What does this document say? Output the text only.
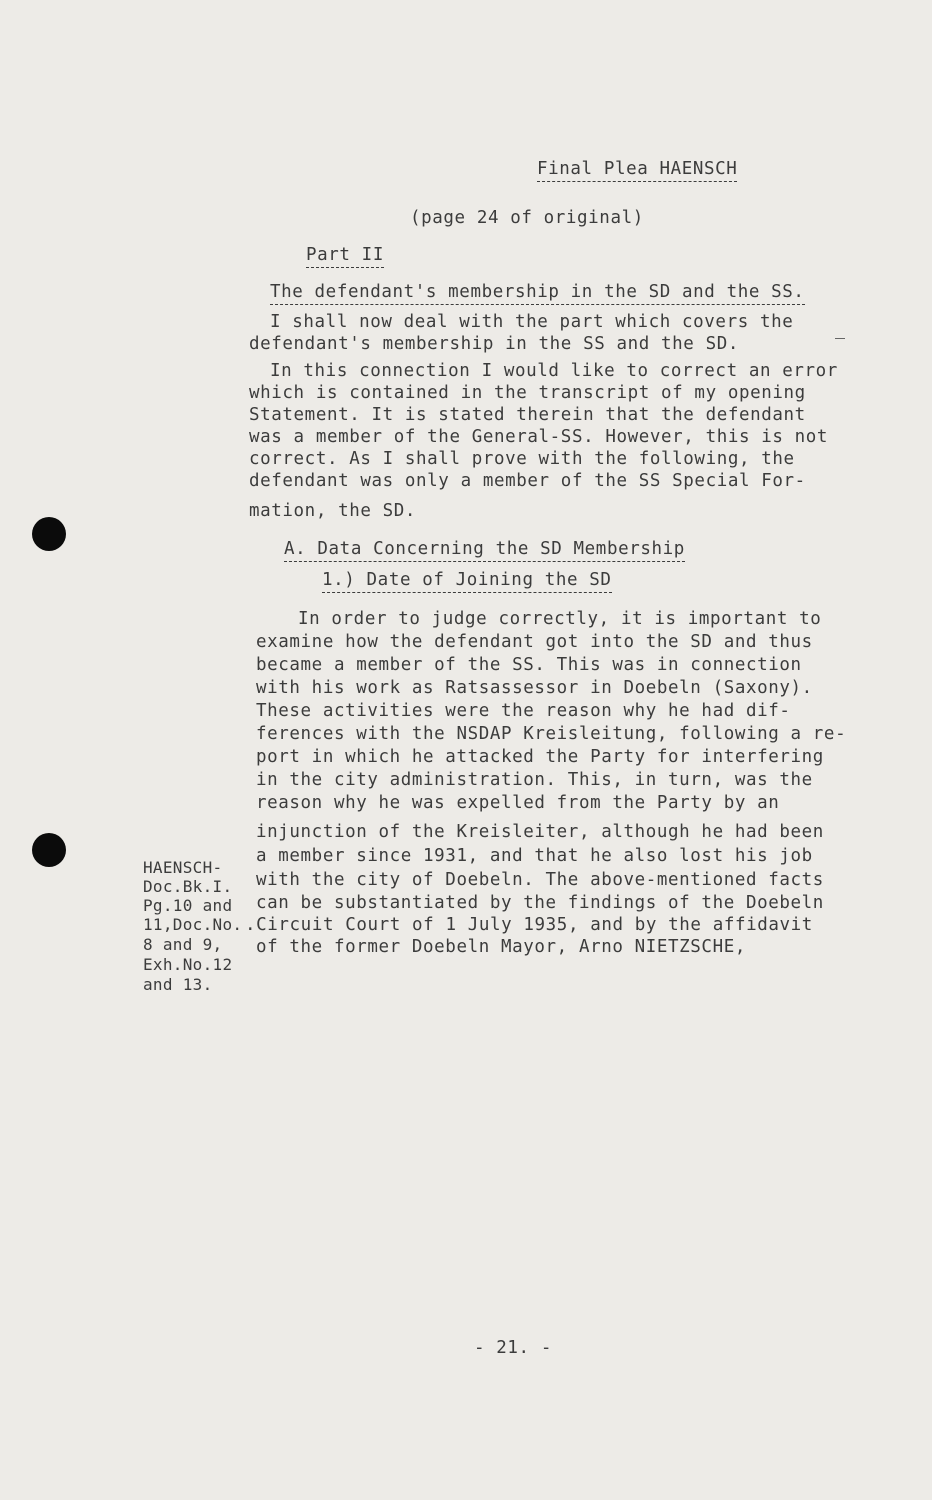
Final Plea HAENSCH
(page 24 of original)
Part II
The defendant's membership in the SD and the SS.
I shall now deal with the part which covers the
defendant's membership in the SS and the SD.
In this connection I would like to correct an error
which is contained in the transcript of my opening
Statement. It is stated therein that the defendant
was a member of the General-SS. However, this is not
correct. As I shall prove with the following, the
defendant was only a member of the SS Special For-
mation, the SD.
A. Data Concerning the SD Membership
1.) Date of Joining the SD
In order to judge correctly, it is important to
examine how the defendant got into the SD and thus
became a member of the SS. This was in connection
with his work as Ratsassessor in Doebeln (Saxony).
These activities were the reason why he had dif-
ferences with the NSDAP Kreisleitung, following a re-
port in which he attacked the Party for interfering
in the city administration. This, in turn, was the
reason why he was expelled from the Party by an
injunction of the Kreisleiter, although he had been
a member since 1931, and that he also lost his job
with the city of Doebeln. The above-mentioned facts
can be substantiated by the findings of the Doebeln
.Circuit Court of 1 July 1935, and by the affidavit
of the former Doebeln Mayor, Arno NIETZSCHE,
HAENSCH-
Doc.Bk.I.
Pg.10 and
11,Doc.No.
8 and 9,
Exh.No.12
and 13.
- 21. -
